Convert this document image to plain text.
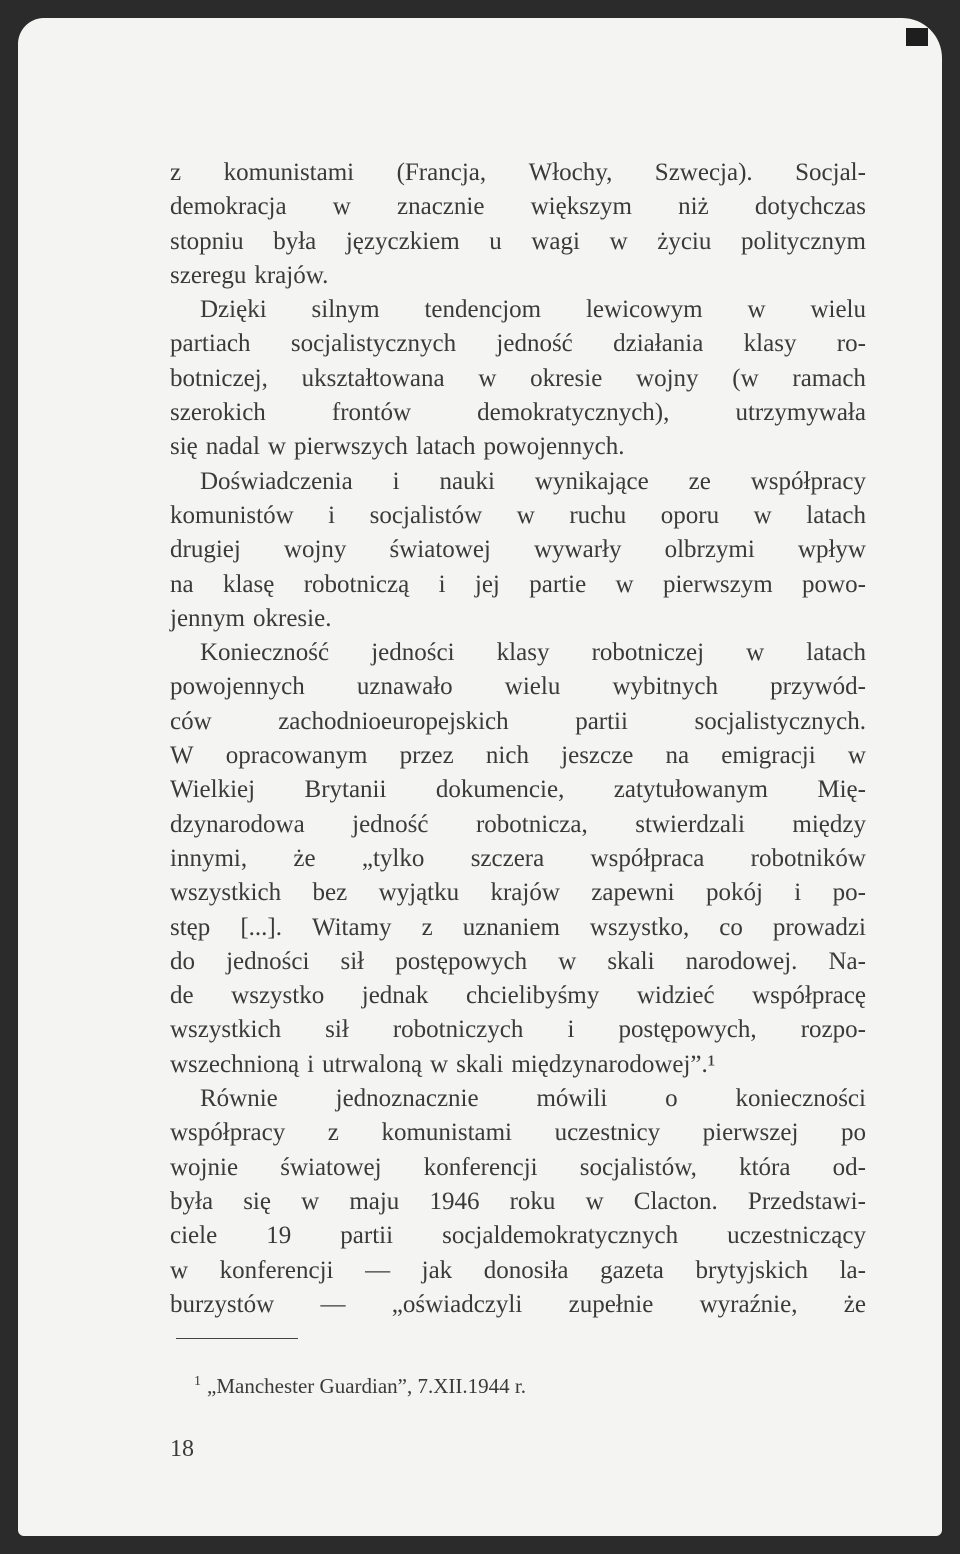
z komunistami (Francja, Włochy, Szwecja). Socjal-
demokracja w znacznie większym niż dotychczas
stopniu była języczkiem u wagi w życiu politycznym
szeregu krajów.
Dzięki silnym tendencjom lewicowym w wielu
partiach socjalistycznych jedność działania klasy ro-
botniczej, ukształtowana w okresie wojny (w ramach
szerokich	frontów	demokratycznych),	utrzymywała
się nadal w pierwszych latach powojennych.
Doświadczenia i nauki wynikające ze współpracy
komunistów i socjalistów w ruchu oporu w latach
drugiej wojny światowej wywarły olbrzymi wpływ
na klasę robotniczą i jej partie w pierwszym powo-
jennym okresie.
Konieczność jedności klasy robotniczej w latach
powojennych uznawało wielu wybitnych przywód-
ców	zachodnioeuropejskich	partii	socjalistycznych.
W opracowanym przez nich jeszcze na emigracji w
Wielkiej Brytanii dokumencie, zatytułowanym Mię-
dzynarodowa jedność robotnicza, stwierdzali między
innymi, że „tylko szczera współpraca robotników
wszystkich bez wyjątku krajów zapewni pokój i po-
stęp [...]. Witamy z uznaniem wszystko, co prowadzi
do jedności sił postępowych w skali narodowej. Na-
de wszystko jednak chcielibyśmy widzieć współpracę
wszystkich sił robotniczych i postępowych, rozpo-
wszechnioną i utrwaloną w skali międzynarodowej”.¹
Równie jednoznacznie mówili o konieczności
współpracy z komunistami uczestnicy pierwszej po
wojnie światowej konferencji socjalistów, która od-
była się w maju 1946 roku w Clacton. Przedstawi-
ciele 19 partii socjaldemokratycznych uczestniczący
w konferencji — jak donosiła gazeta brytyjskich la-
burzystów — „oświadczyli zupełnie wyraźnie, że
$^1$ „Manchester Guardian”, 7.XII.1944 r.
18
